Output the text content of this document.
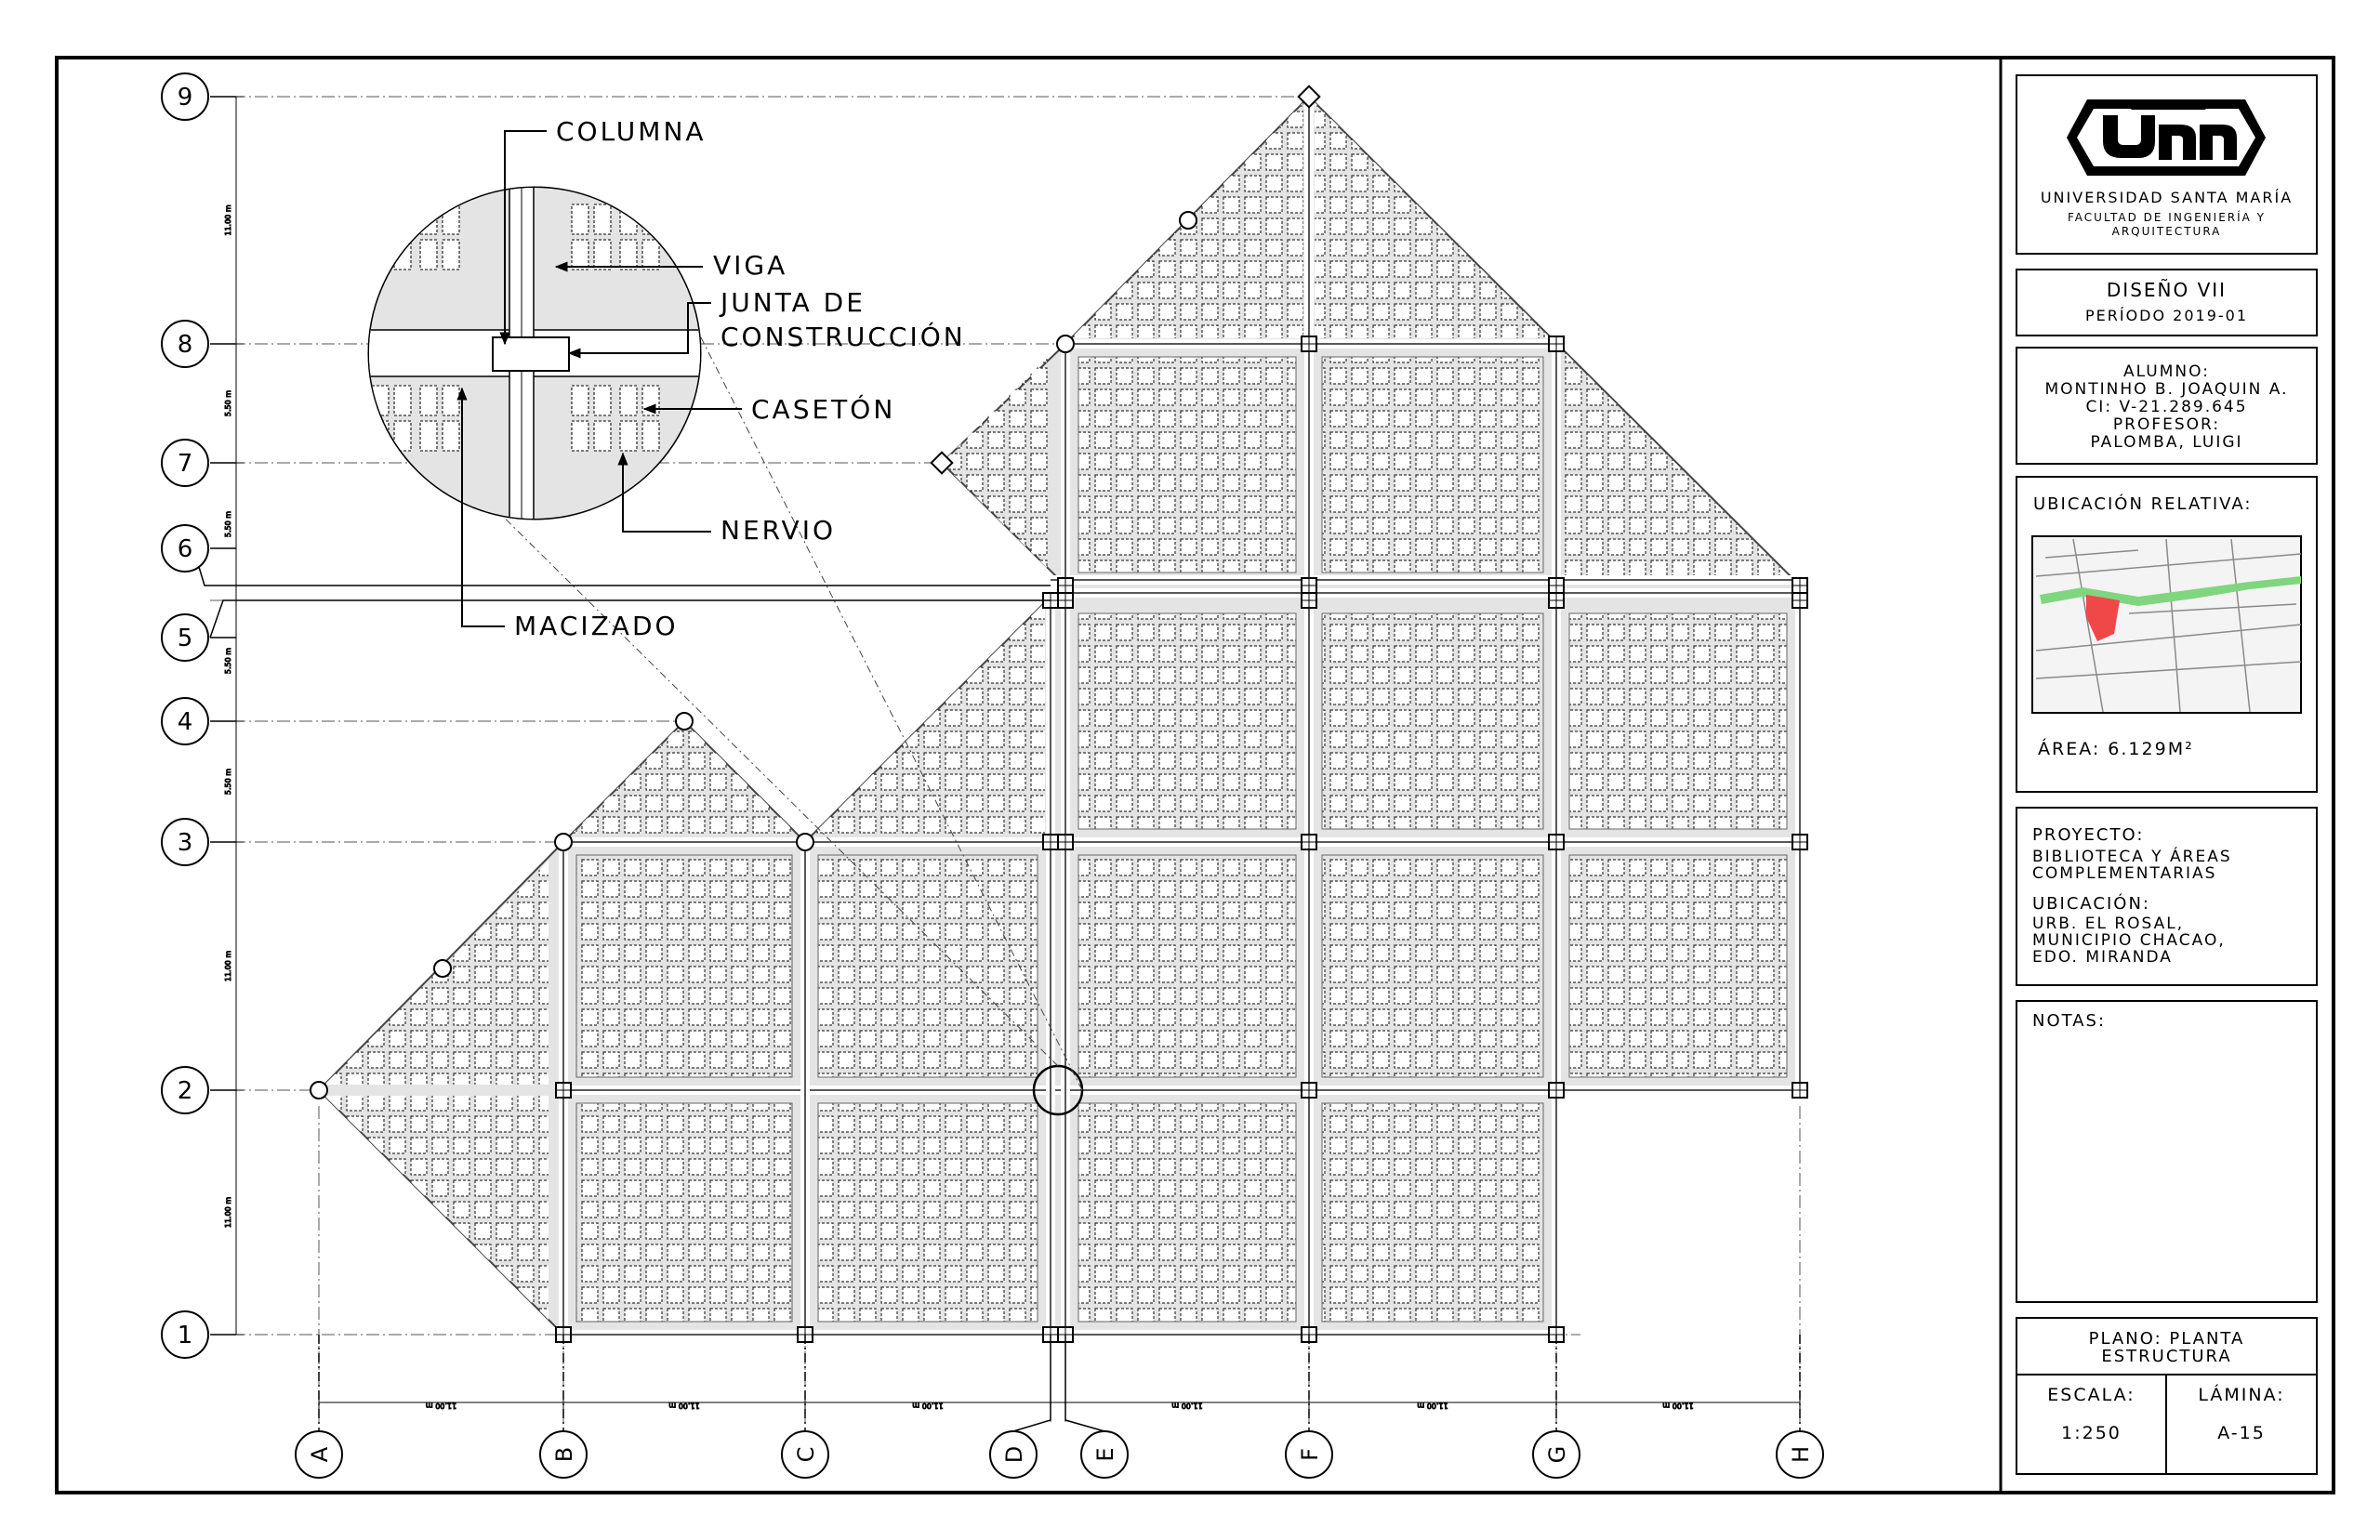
11.00 m
11.00 m
5.50 m
5.50 m
5.50 m
5.50 m
11.00 m
11.00 m	11.00 m	11.00 m	11.00 m	11.00 m	11.00 m
1
2
3
4
5
6
7
8
9
A	B	C	D	E	F	G	H
COLUMNA
VIGA
JUNTA DE
CONSTRUCCIÓN
CASETÓN
NERVIO
MACIZADO
UNIVERSIDAD SANTA MARÍA
FACULTAD DE INGENIERÍA Y
ARQUITECTURA
DISEÑO VII
PERÍODO 2019-01
ALUMNO:
MONTINHO B. JOAQUIN A.
CI: V-21.289.645
PROFESOR:
PALOMBA, LUIGI
UBICACIÓN RELATIVA:
ÁREA: 6.129M²
PROYECTO:
BIBLIOTECA Y ÁREAS
COMPLEMENTARIAS
UBICACIÓN:
URB. EL ROSAL,
MUNICIPIO CHACAO,
EDO. MIRANDA
NOTAS:
PLANO: PLANTA
ESTRUCTURA
ESCALA:
1:250
LÁMINA:
A-15
